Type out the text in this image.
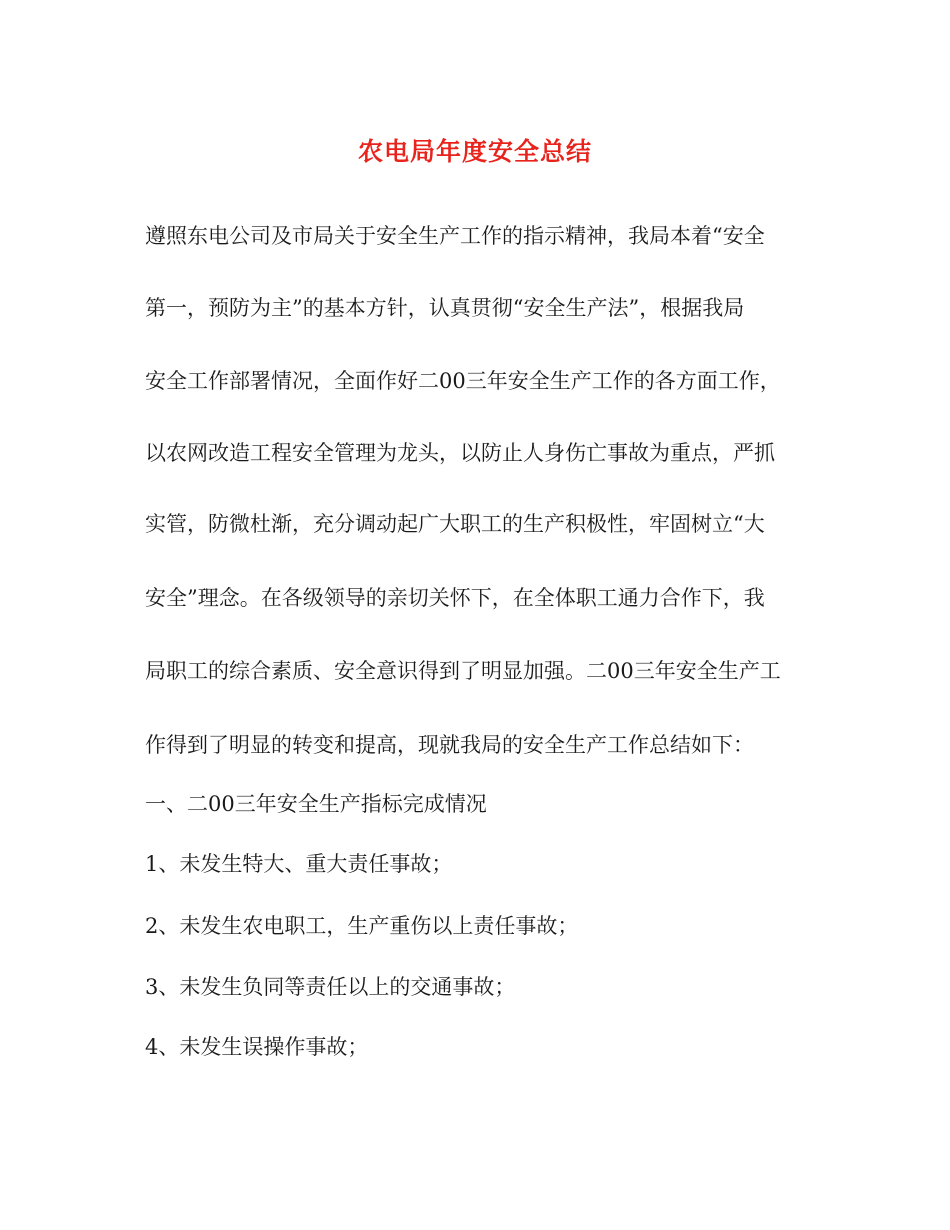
农电局年度安全总结
遵照东电公司及市局关于安全生产工作的指示精神，我局本着“安全
第一，预防为主”的基本方针，认真贯彻“安全生产法”，根据我局
安全工作部署情况，全面作好二00三年安全生产工作的各方面工作，
以农网改造工程安全管理为龙头，以防止人身伤亡事故为重点，严抓
实管，防微杜渐，充分调动起广大职工的生产积极性，牢固树立“大
安全”理念。在各级领导的亲切关怀下，在全体职工通力合作下，我
局职工的综合素质、安全意识得到了明显加强。二00三年安全生产工
作得到了明显的转变和提高，现就我局的安全生产工作总结如下：
一、二00三年安全生产指标完成情况
1、未发生特大、重大责任事故；
2、未发生农电职工，生产重伤以上责任事故；
3、未发生负同等责任以上的交通事故；
4、未发生误操作事故；
